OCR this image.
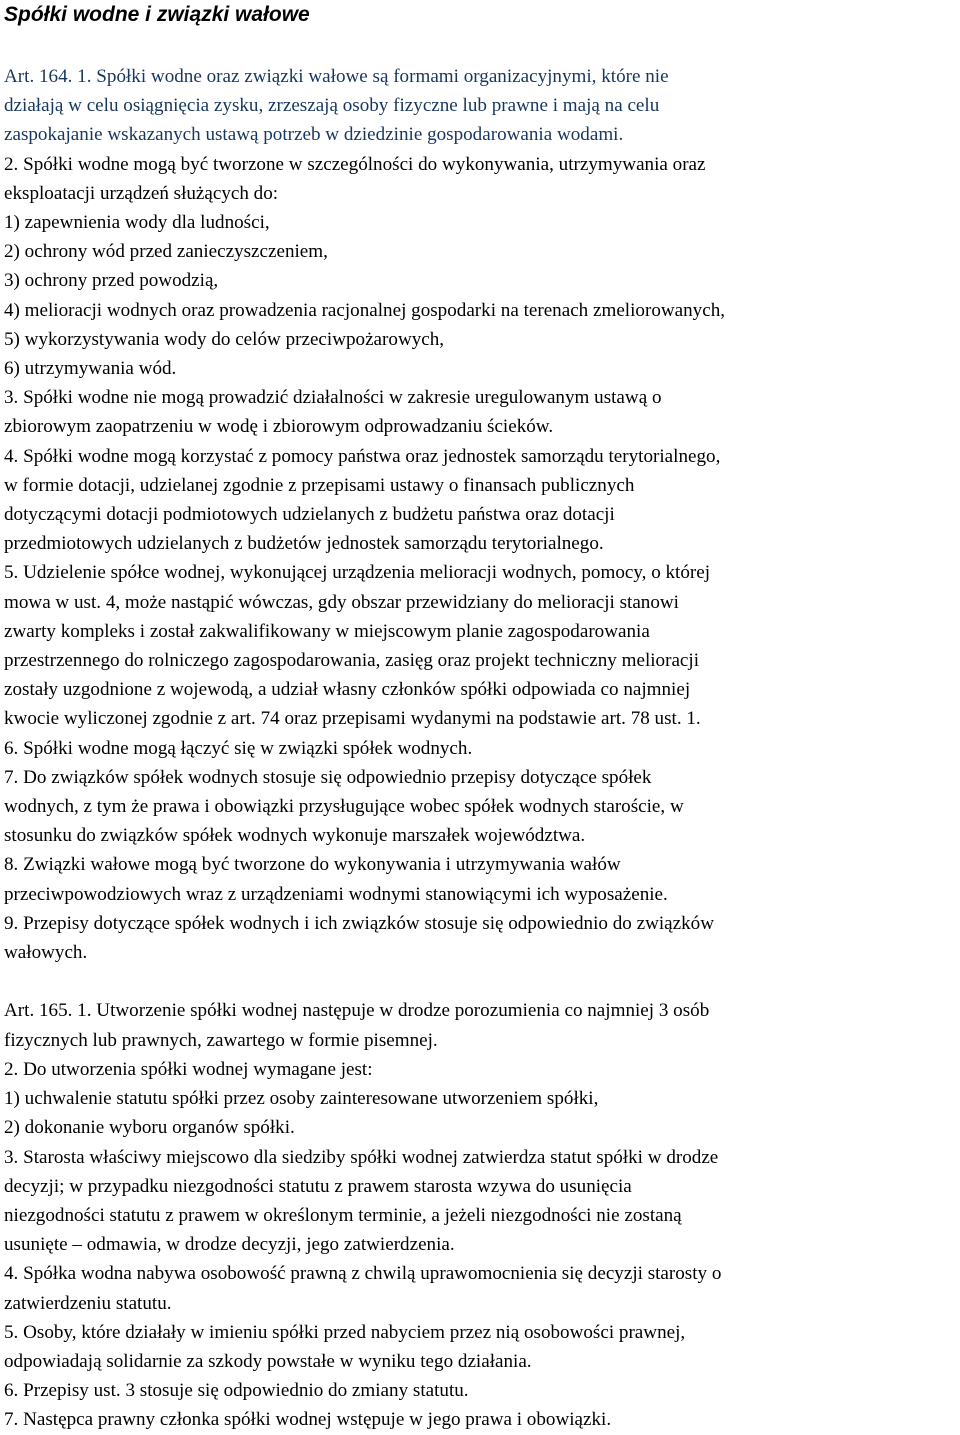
Spółki wodne i związki wałowe

Art. 164. 1. Spółki wodne oraz związki wałowe są formami organizacyjnymi, które nie

działają w celu osiągnięcia zysku, zrzeszają osoby fizyczne lub prawne i mają na celu

zaspokajanie wskazanych ustawą potrzeb w dziedzinie gospodarowania wodami.

2. Spółki wodne mogą być tworzone w szczególności do wykonywania, utrzymywania oraz

eksploatacji urządzeń służących do:

1) zapewnienia wody dla ludności,

2) ochrony wód przed zanieczyszczeniem,

3) ochrony przed powodzią,

4) melioracji wodnych oraz prowadzenia racjonalnej gospodarki na terenach zmeliorowanych,

5) wykorzystywania wody do celów przeciwpożarowych,

6) utrzymywania wód.

3. Spółki wodne nie mogą prowadzić działalności w zakresie uregulowanym ustawą o

zbiorowym zaopatrzeniu w wodę i zbiorowym odprowadzaniu ścieków.

4. Spółki wodne mogą korzystać z pomocy państwa oraz jednostek samorządu terytorialnego,

w formie dotacji, udzielanej zgodnie z przepisami ustawy o finansach publicznych

dotyczącymi dotacji podmiotowych udzielanych z budżetu państwa oraz dotacji

przedmiotowych udzielanych z budżetów jednostek samorządu terytorialnego.

5. Udzielenie spółce wodnej, wykonującej urządzenia melioracji wodnych, pomocy, o której

mowa w ust. 4, może nastąpić wówczas, gdy obszar przewidziany do melioracji stanowi

zwarty kompleks i został zakwalifikowany w miejscowym planie zagospodarowania

przestrzennego do rolniczego zagospodarowania, zasięg oraz projekt techniczny melioracji

zostały uzgodnione z wojewodą, a udział własny członków spółki odpowiada co najmniej

kwocie wyliczonej zgodnie z art. 74 oraz przepisami wydanymi na podstawie art. 78 ust. 1.

6. Spółki wodne mogą łączyć się w związki spółek wodnych.

7. Do związków spółek wodnych stosuje się odpowiednio przepisy dotyczące spółek

wodnych, z tym że prawa i obowiązki przysługujące wobec spółek wodnych staroście, w

stosunku do związków spółek wodnych wykonuje marszałek województwa.

8. Związki wałowe mogą być tworzone do wykonywania i utrzymywania wałów

przeciwpowodziowych wraz z urządzeniami wodnymi stanowiącymi ich wyposażenie.

9. Przepisy dotyczące spółek wodnych i ich związków stosuje się odpowiednio do związków

wałowych.

Art. 165. 1. Utworzenie spółki wodnej następuje w drodze porozumienia co najmniej 3 osób

fizycznych lub prawnych, zawartego w formie pisemnej.

2. Do utworzenia spółki wodnej wymagane jest:

1) uchwalenie statutu spółki przez osoby zainteresowane utworzeniem spółki,

2) dokonanie wyboru organów spółki.

3. Starosta właściwy miejscowo dla siedziby spółki wodnej zatwierdza statut spółki w drodze

decyzji; w przypadku niezgodności statutu z prawem starosta wzywa do usunięcia

niezgodności statutu z prawem w określonym terminie, a jeżeli niezgodności nie zostaną

usunięte – odmawia, w drodze decyzji, jego zatwierdzenia.

4. Spółka wodna nabywa osobowość prawną z chwilą uprawomocnienia się decyzji starosty o

zatwierdzeniu statutu.

5. Osoby, które działały w imieniu spółki przed nabyciem przez nią osobowości prawnej,

odpowiadają solidarnie za szkody powstałe w wyniku tego działania.

6. Przepisy ust. 3 stosuje się odpowiednio do zmiany statutu.

7. Następca prawny członka spółki wodnej wstępuje w jego prawa i obowiązki.
